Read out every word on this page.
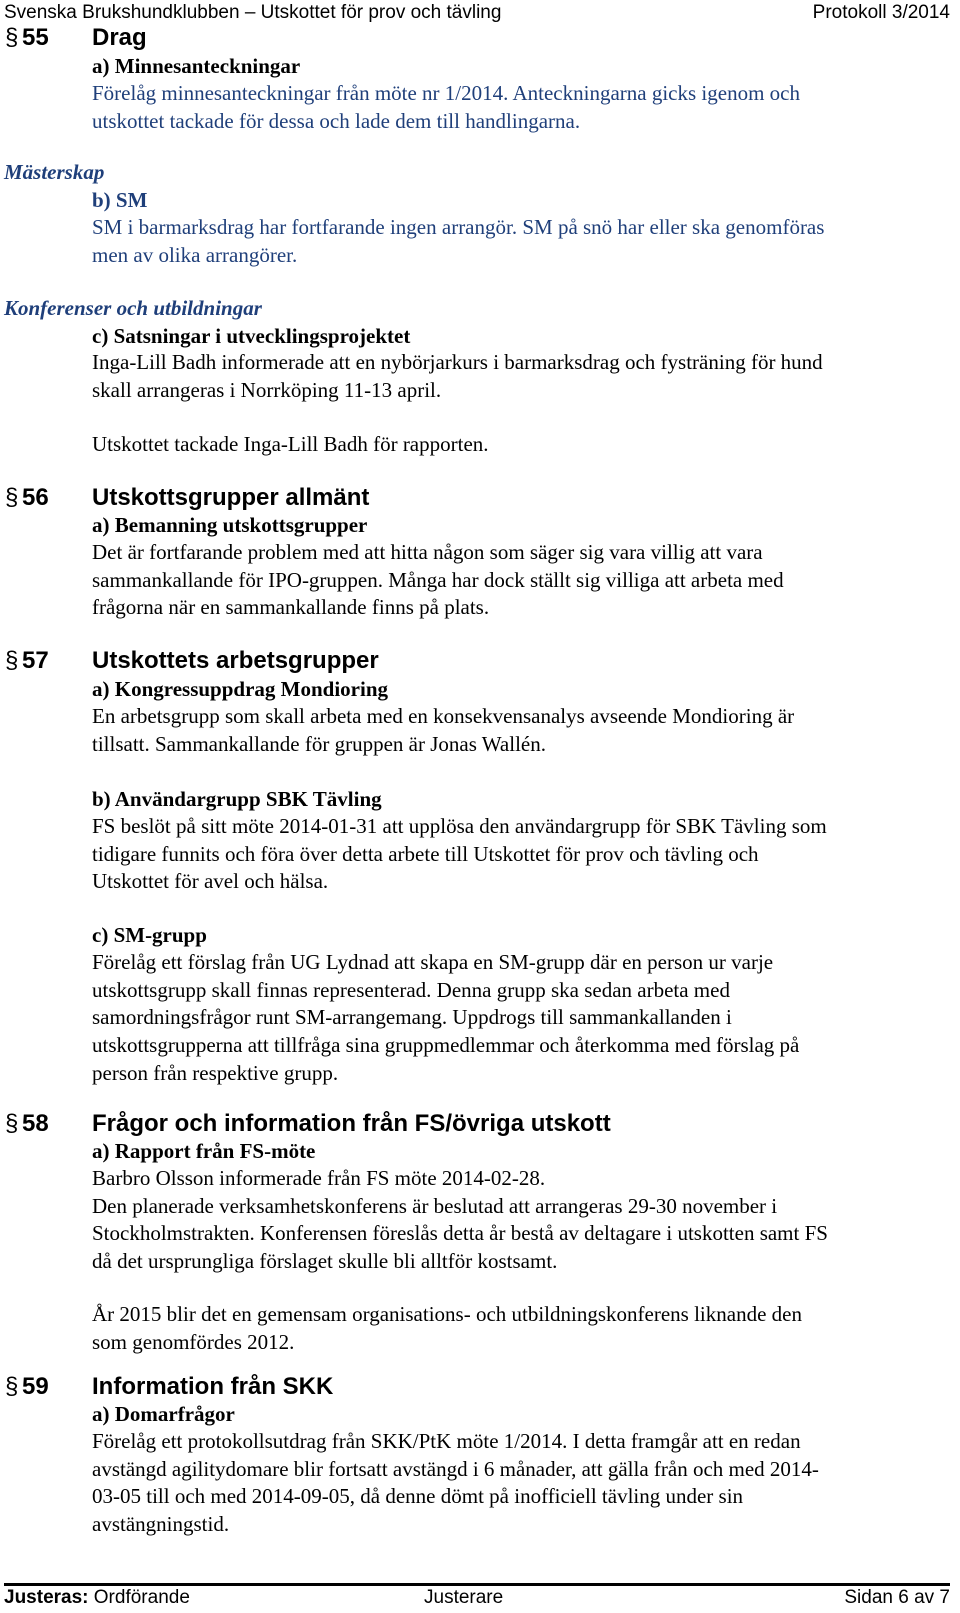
Svenska Brukshundklubben – Utskottet för prov och tävling	Protokoll 3/2014
§ 55 Drag
a) Minnesanteckningar
Förelåg minnesanteckningar från möte nr 1/2014. Anteckningarna gicks igenom och
utskottet tackade för dessa och lade dem till handlingarna.
Mästerskap
b) SM
SM i barmarksdrag har fortfarande ingen arrangör. SM på snö har eller ska genomföras
men av olika arrangörer.
Konferenser och utbildningar
c) Satsningar i utvecklingsprojektet
Inga-Lill Badh informerade att en nybörjarkurs i barmarksdrag och fysträning för hund
skall arrangeras i Norrköping 11-13 april.
Utskottet tackade Inga-Lill Badh för rapporten.
§ 56 Utskottsgrupper allmänt
a) Bemanning utskottsgrupper
Det är fortfarande problem med att hitta någon som säger sig vara villig att vara
sammankallande för IPO-gruppen. Många har dock ställt sig villiga att arbeta med
frågorna när en sammankallande finns på plats.
§ 57 Utskottets arbetsgrupper
a) Kongressuppdrag Mondioring
En arbetsgrupp som skall arbeta med en konsekvensanalys avseende Mondioring är
tillsatt. Sammankallande för gruppen är Jonas Wallén.
b) Användargrupp SBK Tävling
FS beslöt på sitt möte 2014-01-31 att upplösa den användargrupp för SBK Tävling som
tidigare funnits och föra över detta arbete till Utskottet för prov och tävling och
Utskottet för avel och hälsa.
c) SM-grupp
Förelåg ett förslag från UG Lydnad att skapa en SM-grupp där en person ur varje
utskottsgrupp skall finnas representerad. Denna grupp ska sedan arbeta med
samordningsfrågor runt SM-arrangemang. Uppdrogs till sammankallanden i
utskottsgrupperna att tillfråga sina gruppmedlemmar och återkomma med förslag på
person från respektive grupp.
§ 58 Frågor och information från FS/övriga utskott
a) Rapport från FS-möte
Barbro Olsson informerade från FS möte 2014-02-28.
Den planerade verksamhetskonferens är beslutad att arrangeras 29-30 november i
Stockholmstrakten. Konferensen föreslås detta år bestå av deltagare i utskotten samt FS
då det ursprungliga förslaget skulle bli alltför kostsamt.
År 2015 blir det en gemensam organisations- och utbildningskonferens liknande den
som genomfördes 2012.
§ 59 Information från SKK
a) Domarfrågor
Förelåg ett protokollsutdrag från SKK/PtK möte 1/2014. I detta framgår att en redan
avstängd agilitydomare blir fortsatt avstängd i 6 månader, att gälla från och med 2014-
03-05 till och med 2014-09-05, då denne dömt på inofficiell tävling under sin
avstängningstid.
Justeras: Ordförande	Justerare	Sidan 6 av 7
